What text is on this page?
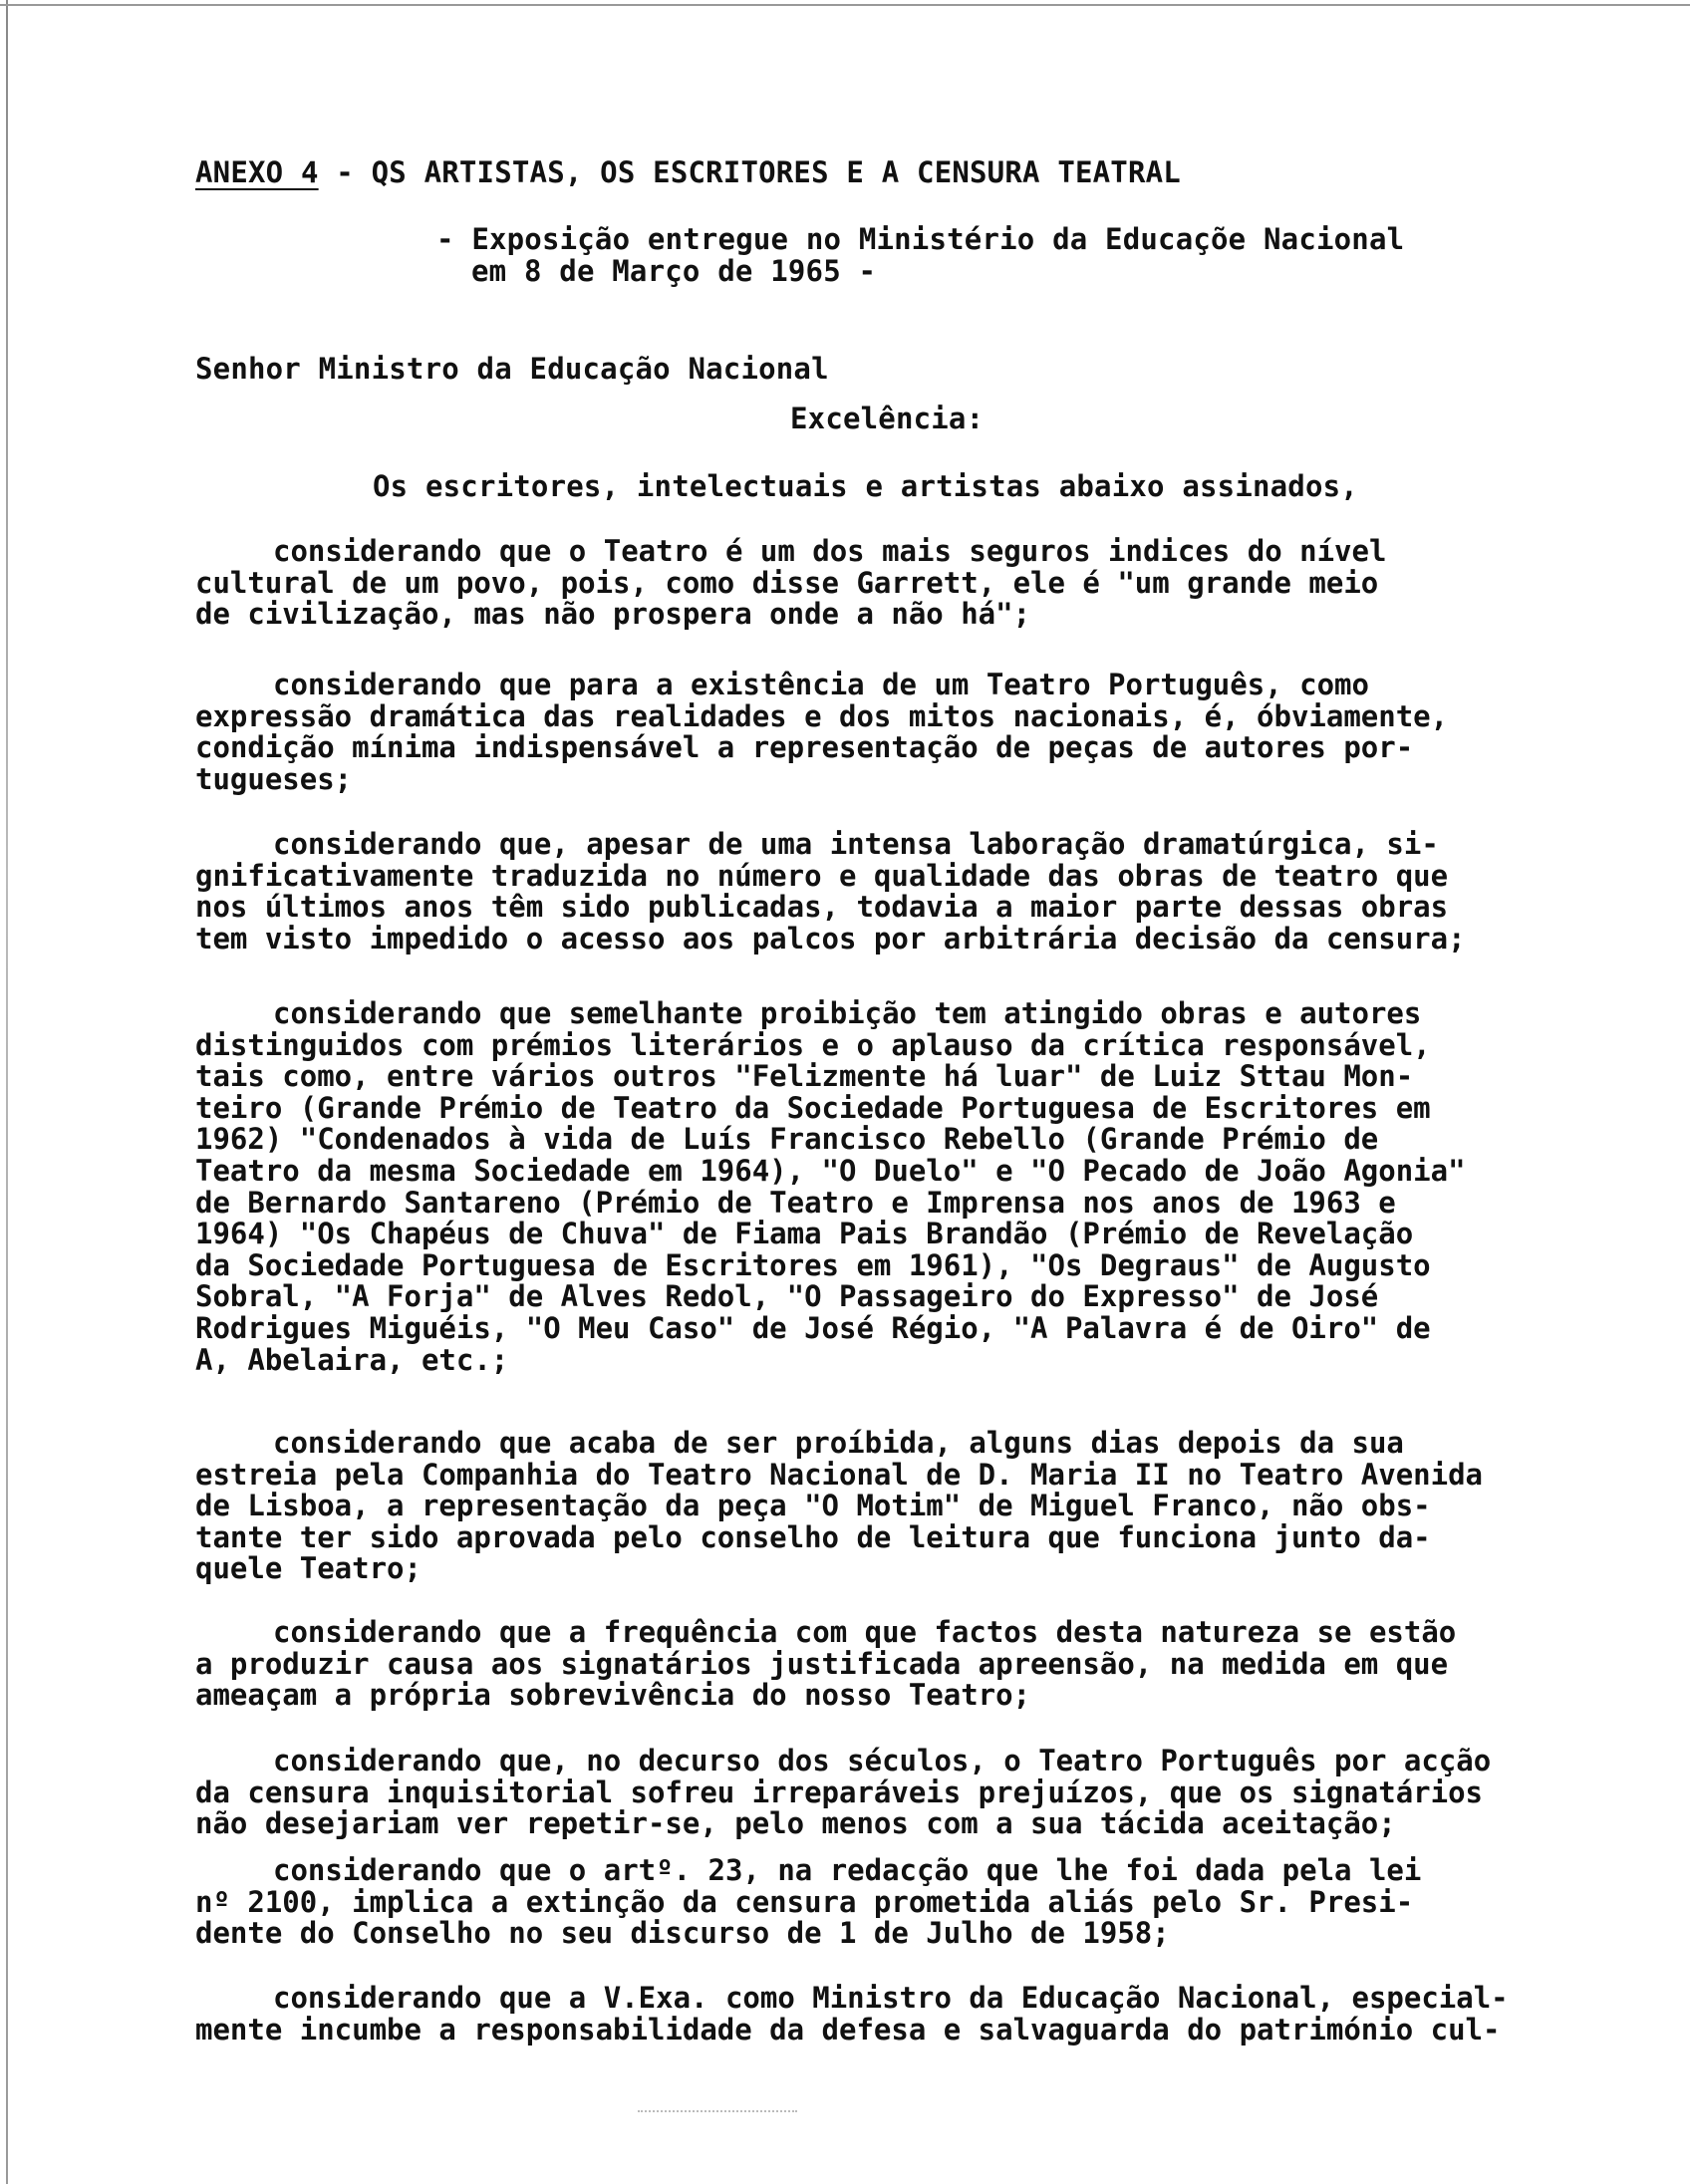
ANEXO 4 - QS ARTISTAS, OS ESCRITORES E A CENSURA TEATRAL
- Exposição entregue no Ministério da Educaçõe Nacional
em 8 de Março de 1965 -
Senhor Ministro da Educação Nacional
Excelência:
Os escritores, intelectuais e artistas abaixo assinados,
considerando que o Teatro é um dos mais seguros indices do nível
cultural de um povo, pois, como disse Garrett, ele é "um grande meio
de civilização, mas não prospera onde a não há";
considerando que para a existência de um Teatro Português, como
expressão dramática das realidades e dos mitos nacionais, é, óbviamente,
condição mínima indispensável a representação de peças de autores por-
tugueses;
considerando que, apesar de uma intensa laboração dramatúrgica, si-
gnificativamente traduzida no número e qualidade das obras de teatro que
nos últimos anos têm sido publicadas, todavia a maior parte dessas obras
tem visto impedido o acesso aos palcos por arbitrária decisão da censura;
considerando que semelhante proibição tem atingido obras e autores
distinguidos com prémios literários e o aplauso da crítica responsável,
tais como, entre vários outros "Felizmente há luar" de Luiz Sttau Mon-
teiro (Grande Prémio de Teatro da Sociedade Portuguesa de Escritores em
1962) "Condenados à vida de Luís Francisco Rebello (Grande Prémio de
Teatro da mesma Sociedade em 1964), "O Duelo" e "O Pecado de João Agonia"
de Bernardo Santareno (Prémio de Teatro e Imprensa nos anos de 1963 e
1964) "Os Chapéus de Chuva" de Fiama Pais Brandão (Prémio de Revelação
da Sociedade Portuguesa de Escritores em 1961), "Os Degraus" de Augusto
Sobral, "A Forja" de Alves Redol, "O Passageiro do Expresso" de José
Rodrigues Miguéis, "O Meu Caso" de José Régio, "A Palavra é de Oiro" de
A, Abelaira, etc.;
considerando que acaba de ser proíbida, alguns dias depois da sua
estreia pela Companhia do Teatro Nacional de D. Maria II no Teatro Avenida
de Lisboa, a representação da peça "O Motim" de Miguel Franco, não obs-
tante ter sido aprovada pelo conselho de leitura que funciona junto da-
quele Teatro;
considerando que a frequência com que factos desta natureza se estão
a produzir causa aos signatários justificada apreensão, na medida em que
ameaçam a própria sobrevivência do nosso Teatro;
considerando que, no decurso dos séculos, o Teatro Português por acção
da censura inquisitorial sofreu irreparáveis prejuízos, que os signatários
não desejariam ver repetir-se, pelo menos com a sua tácida aceitação;
considerando que o artº. 23, na redacção que lhe foi dada pela lei
nº 2100, implica a extinção da censura prometida aliás pelo Sr. Presi-
dente do Conselho no seu discurso de 1 de Julho de 1958;
considerando que a V.Exa. como Ministro da Educação Nacional, especial-
mente incumbe a responsabilidade da defesa e salvaguarda do património cul-
